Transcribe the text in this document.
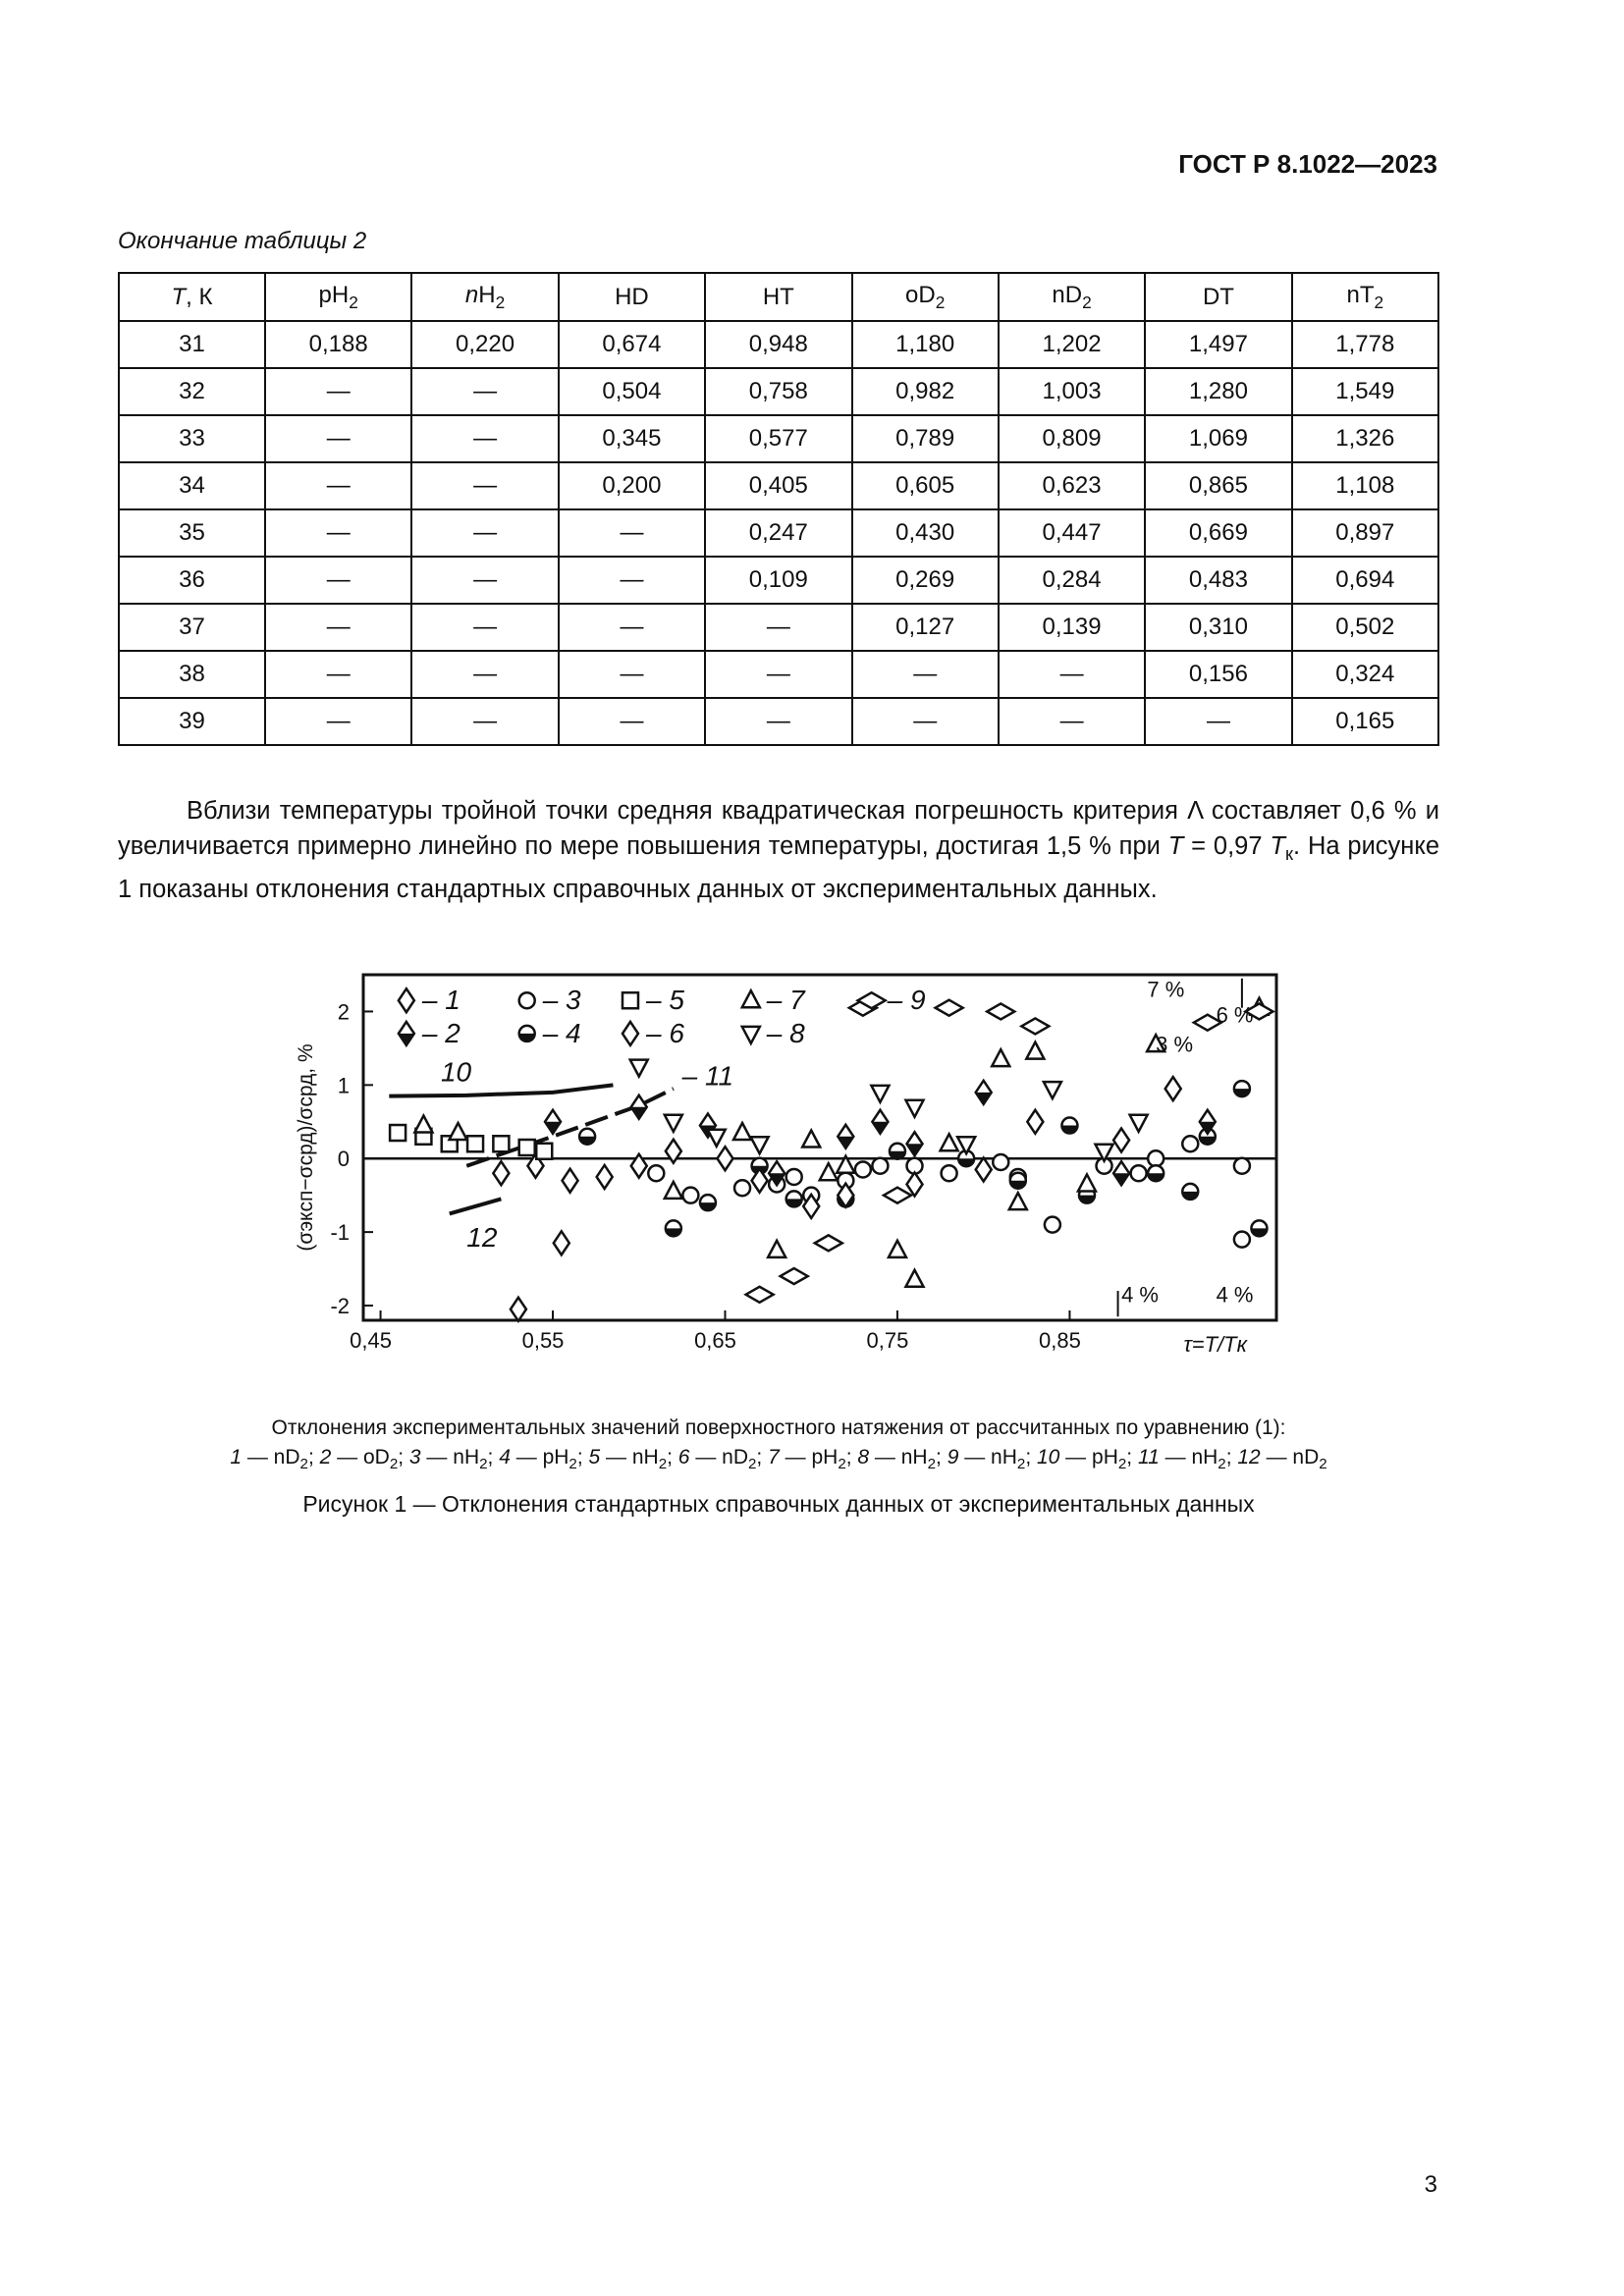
ГОСТ Р 8.1022—2023
Окончание таблицы 2
T, К	$pH_2$	$nH_2$	HD	HT	$oD_2$	$nD_2$	DT	$nT_2$
31	0,188	0,220	0,674	0,948	1,180	1,202	1,497	1,778
32	—	—	0,504	0,758	0,982	1,003	1,280	1,549
33	—	—	0,345	0,577	0,789	0,809	1,069	1,326
34	—	—	0,200	0,405	0,605	0,623	0,865	1,108
35	—	—	—	0,247	0,430	0,447	0,669	0,897
36	—	—	—	0,109	0,269	0,284	0,483	0,694
37	—	—	—	—	0,127	0,139	0,310	0,502
38	—	—	—	—	—	—	0,156	0,324
39	—	—	—	—	—	—	—	0,165

Вблизи температуры тройной точки средняя квадратическая погрешность критерия Λ составляет 0,6 % и увеличивается примерно линейно по мере повышения температуры, достигая 1,5 % при T = 0,97 $T_к$. На рисунке 1 показаны отклонения стандартных справочных данных от экспериментальных данных.

2
1
0
-1
-2
0,45	0,55	0,65	0,75	0,85	τ=T/Tк
(σэксп−σсрд)/σсрд, %	10	– 11
12
– 1
– 2
– 3
– 4
– 5
– 6
– 7
– 8
– 9	7 %
6 %
3 %
4 %	4 %
Отклонения экспериментальных значений поверхностного натяжения от рассчитанных по уравнению (1):
1 — $nD_2$; 2 — $oD_2$; 3 — $nH_2$; 4 — $pH_2$; 5 — $nH_2$; 6 — $nD_2$; 7 — $pH_2$; 8 — $nH_2$; 9 — $nH_2$; 10 — $pH_2$; 11 — $nH_2$; 12 — $nD_2$
Рисунок 1 — Отклонения стандартных справочных данных от экспериментальных данных
3
